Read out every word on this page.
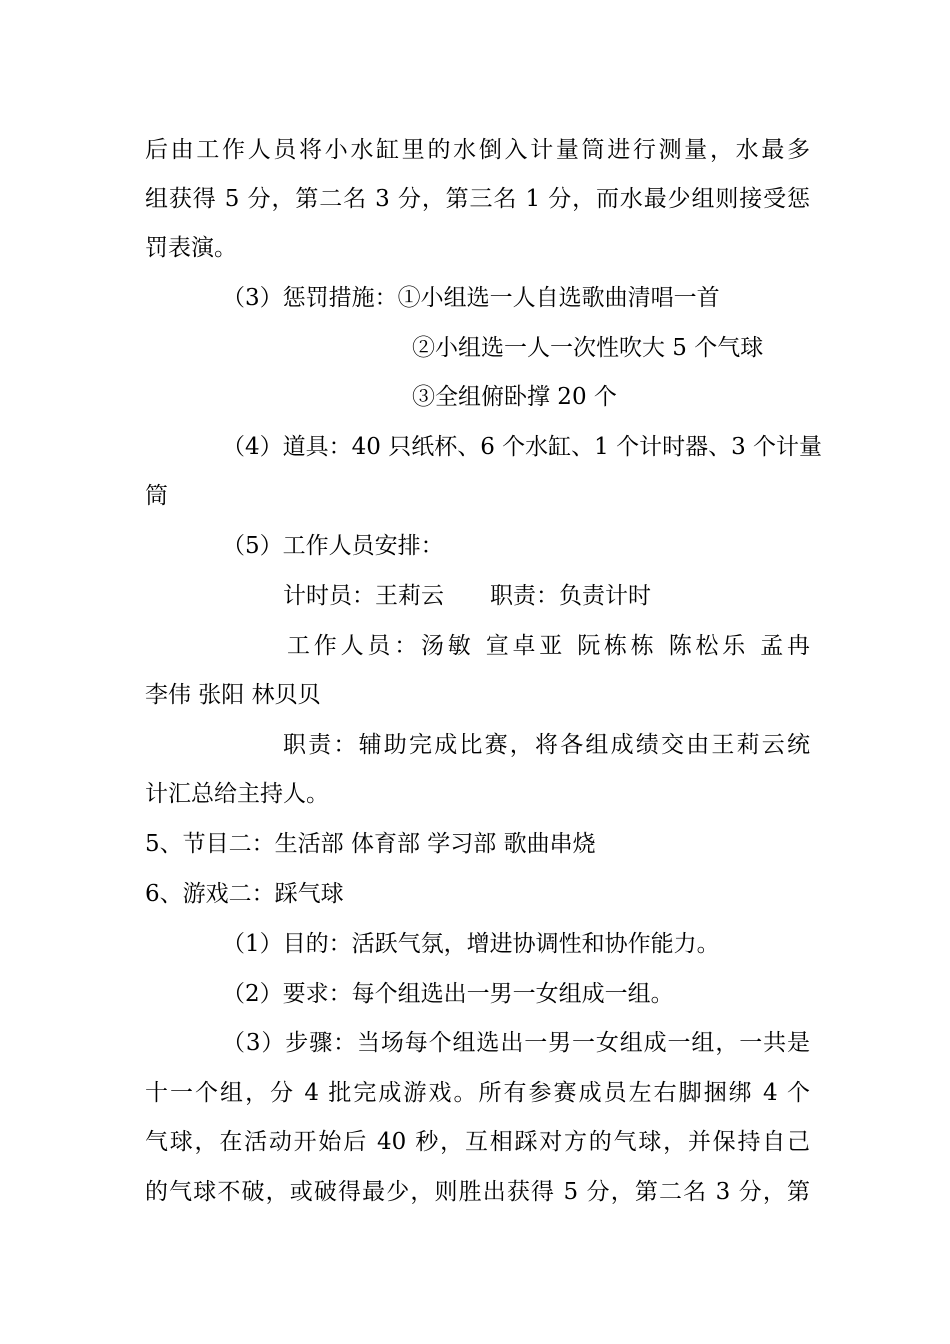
后由工作人员将小水缸里的水倒入计量筒进行测量，水最多
组获得 5 分，第二名 3 分，第三名 1 分，而水最少组则接受惩
罚表演。
（3）惩罚措施：①小组选一人自选歌曲清唱一首
②小组选一人一次性吹大 5 个气球
③全组俯卧撑 20 个
（4）道具：40 只纸杯、6 个水缸、1 个计时器、3 个计量
筒
（5）工作人员安排：
计时员：王莉云　　职责：负责计时
工作人员：汤敏 宣卓亚 阮栋栋 陈松乐 孟冉
李伟 张阳 林贝贝
职责：辅助完成比赛，将各组成绩交由王莉云统
计汇总给主持人。
5、节目二：生活部 体育部 学习部 歌曲串烧
6、游戏二：踩气球
（1）目的：活跃气氛，增进协调性和协作能力。
（2）要求：每个组选出一男一女组成一组。
（3）步骤：当场每个组选出一男一女组成一组，一共是
十一个组，分 4 批完成游戏。所有参赛成员左右脚捆绑 4 个
气球，在活动开始后 40 秒，互相踩对方的气球，并保持自己
的气球不破，或破得最少，则胜出获得 5 分，第二名 3 分，第
